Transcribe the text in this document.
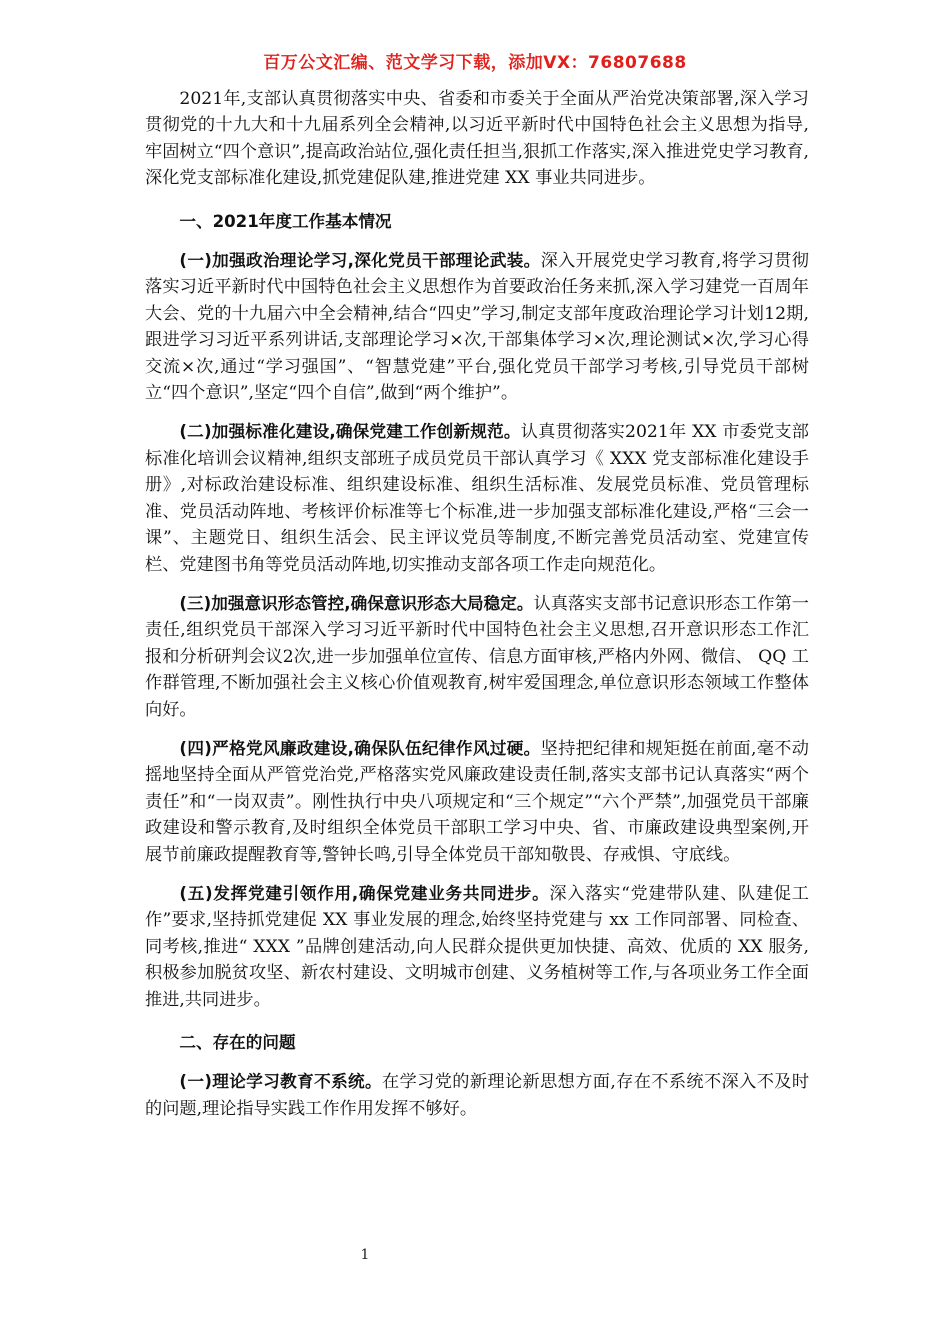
百万公文汇编、范文学习下载，添加VX：76807688

2021年,支部认真贯彻落实中央、省委和市委关于全面从严治党决策部署,深入学习贯彻党的十九大和十九届系列全会精神,以习近平新时代中国特色社会主义思想为指导,牢固树立“四个意识”,提高政治站位,强化责任担当,狠抓工作落实,深入推进党史学习教育,深化党支部标准化建设,抓党建促队建,推进党建 XX 事业共同进步。

一、2021年度工作基本情况

(一)加强政治理论学习,深化党员干部理论武装。深入开展党史学习教育,将学习贯彻落实习近平新时代中国特色社会主义思想作为首要政治任务来抓,深入学习建党一百周年大会、党的十九届六中全会精神,结合“四史”学习,制定支部年度政治理论学习计划12期,跟进学习习近平系列讲话,支部理论学习×次,干部集体学习×次,理论测试×次,学习心得交流×次,通过“学习强国”、“智慧党建”平台,强化党员干部学习考核,引导党员干部树立“四个意识”,坚定“四个自信”,做到“两个维护”。

(二)加强标准化建设,确保党建工作创新规范。认真贯彻落实2021年 XX 市委党支部标准化培训会议精神,组织支部班子成员党员干部认真学习《 XXX 党支部标准化建设手册》,对标政治建设标准、组织建设标准、组织生活标准、发展党员标准、党员管理标准、党员活动阵地、考核评价标准等七个标准,进一步加强支部标准化建设,严格“三会一课”、主题党日、组织生活会、民主评议党员等制度,不断完善党员活动室、党建宣传栏、党建图书角等党员活动阵地,切实推动支部各项工作走向规范化。

(三)加强意识形态管控,确保意识形态大局稳定。认真落实支部书记意识形态工作第一责任,组织党员干部深入学习习近平新时代中国特色社会主义思想,召开意识形态工作汇报和分析研判会议2次,进一步加强单位宣传、信息方面审核,严格内外网、微信、 QQ 工作群管理,不断加强社会主义核心价值观教育,树牢爱国理念,单位意识形态领域工作整体向好。

(四)严格党风廉政建设,确保队伍纪律作风过硬。坚持把纪律和规矩挺在前面,毫不动摇地坚持全面从严管党治党,严格落实党风廉政建设责任制,落实支部书记认真落实“两个责任”和“一岗双责”。刚性执行中央八项规定和“三个规定”“六个严禁”,加强党员干部廉政建设和警示教育,及时组织全体党员干部职工学习中央、省、市廉政建设典型案例,开展节前廉政提醒教育等,警钟长鸣,引导全体党员干部知敬畏、存戒惧、守底线。

(五)发挥党建引领作用,确保党建业务共同进步。深入落实“党建带队建、队建促工作”要求,坚持抓党建促 XX 事业发展的理念,始终坚持党建与 xx 工作同部署、同检查、同考核,推进“ XXX ”品牌创建活动,向人民群众提供更加快捷、高效、优质的 XX 服务,积极参加脱贫攻坚、新农村建设、文明城市创建、义务植树等工作,与各项业务工作全面推进,共同进步。

二、存在的问题

(一)理论学习教育不系统。在学习党的新理论新思想方面,存在不系统不深入不及时的问题,理论指导实践工作作用发挥不够好。

1
